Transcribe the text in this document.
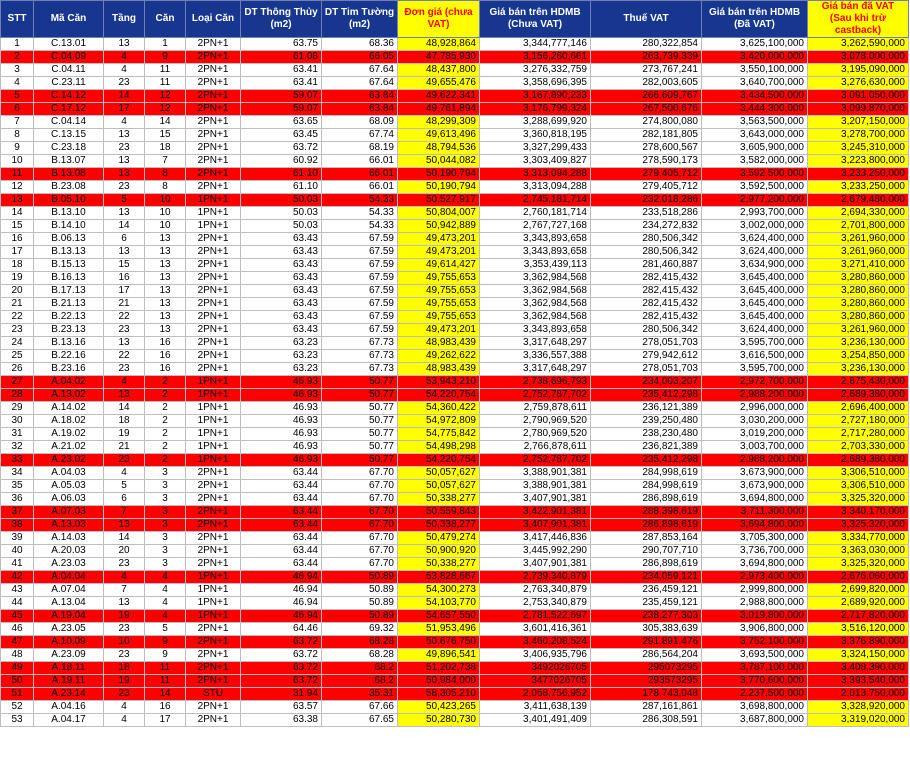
STT	Mã Căn	Tầng	Căn	Loại Căn	DT Thông Thủy (m2)	DT Tim Tường (m2)	Đơn giá (chưa VAT)	Giá bán trên HDMB (Chưa VAT)	Thuế VAT	Giá bán trên HDMB (Đã VAT)	Giá bán đã VAT (Sau khi trừ castback)
1	C.13.01	13	1	2PN+1	63.75	68.36	48,928,864	3,344,777,146	280,322,854	3,625,100,000	3,262,590,000
2	C.04.09	4	9	2PN+1	61.08	66.05	47,785,930	3,156,260,661	263,739,339	3,420,000,000	3,078,000,000
3	C.04.11	4	11	2PN+1	63.41	67.64	48,437,800	3,276,332,759	273,767,241	3,550,100,000	3,195,090,000
4	C.23.11	23	11	2PN+1	63.41	67.64	49,655,476	3,358,696,395	282,003,605	3,640,700,000	3,276,630,000
5	C.14.12	14	12	2PN+1	59.07	63.84	49,622,341	3,167,890,233	266,609,767	3,434,500,000	3,091,050,000
6	C.17.12	17	12	2PN+1	59.07	63.84	49,761,894	3,176,799,324	267,500,676	3,444,300,000	3,099,870,000
7	C.04.14	4	14	2PN+1	63.65	68.09	48,299,309	3,288,699,920	274,800,080	3,563,500,000	3,207,150,000
8	C.13.15	13	15	2PN+1	63.45	67.74	49,613,496	3,360,818,195	282,181,805	3,643,000,000	3,278,700,000
9	C.23.18	23	18	2PN+1	63.72	68.19	48,794,536	3,327,299,433	278,600,567	3,605,900,000	3,245,310,000
10	B.13.07	13	7	2PN+1	60.92	66.01	50,044,082	3,303,409,827	278,590,173	3,582,000,000	3,223,800,000
11	B.13.08	13	8	2PN+1	61.10	66.01	50,190,794	3,313,094,288	279,405,712	3,592,500,000	3,233,250,000
12	B.23.08	23	8	2PN+1	61.10	66.01	50,190,794	3,313,094,288	279,405,712	3,592,500,000	3,233,250,000
13	B.05.10	5	10	1PN+1	50.03	54.33	50,527,917	2,745,181,714	232,018,286	2,977,200,000	2,679,480,000
14	B.13.10	13	10	1PN+1	50.03	54.33	50,804,007	2,760,181,714	233,518,286	2,993,700,000	2,694,330,000
15	B.14.10	14	10	1PN+1	50.03	54.33	50,942,889	2,767,727,168	234,272,832	3,002,000,000	2,701,800,000
16	B.06.13	6	13	2PN+1	63.43	67.59	49,473,201	3,343,893,658	280,506,342	3,624,400,000	3,261,960,000
17	B.13.13	13	13	2PN+1	63.43	67.59	49,473,201	3,343,893,658	280,506,342	3,624,400,000	3,261,960,000
18	B.15.13	15	13	2PN+1	63.43	67.59	49,614,427	3,353,439,113	281,460,887	3,634,900,000	3,271,410,000
19	B.16.13	16	13	2PN+1	63.43	67.59	49,755,653	3,362,984,568	282,415,432	3,645,400,000	3,280,860,000
20	B.17.13	17	13	2PN+1	63.43	67.59	49,755,653	3,362,984,568	282,415,432	3,645,400,000	3,280,860,000
21	B.21.13	21	13	2PN+1	63.43	67.59	49,755,653	3,362,984,568	282,415,432	3,645,400,000	3,280,860,000
22	B.22.13	22	13	2PN+1	63.43	67.59	49,755,653	3,362,984,568	282,415,432	3,645,400,000	3,280,860,000
23	B.23.13	23	13	2PN+1	63.43	67.59	49,473,201	3,343,893,658	280,506,342	3,624,400,000	3,261,960,000
24	B.13.16	13	16	2PN+1	63.23	67.73	48,983,439	3,317,648,297	278,051,703	3,595,700,000	3,236,130,000
25	B.22.16	22	16	2PN+1	63.23	67.73	49,262,622	3,336,557,388	279,942,612	3,616,500,000	3,254,850,000
26	B.23.16	23	16	2PN+1	63.23	67.73	48,983,439	3,317,648,297	278,051,703	3,595,700,000	3,236,130,000
27	A.04.02	4	2	1PN+1	46.93	50.77	53,943,210	2,738,696,793	234,003,207	2,972,700,000	2,675,430,000
28	A.13.02	13	2	1PN+1	46.93	50.77	54,220,754	2,752,787,702	235,412,298	2,988,200,000	2,689,380,000
29	A.14.02	14	2	1PN+1	46.93	50.77	54,360,422	2,759,878,611	236,121,389	2,996,000,000	2,696,400,000
30	A.18.02	18	2	1PN+1	46.93	50.77	54,972,809	2,790,969,520	239,250,480	3,030,200,000	2,727,180,000
31	A.19.02	19	2	1PN+1	46.93	50.77	54,775,842	2,780,969,520	238,230,480	3,019,200,000	2,717,280,000
32	A.21.02	21	2	1PN+1	46.93	50.77	54,498,298	2,766,878,611	236,821,389	3,003,700,000	2,703,330,000
33	A.23.02	23	2	1PN+1	46.93	50.77	54,220,754	2,752,787,702	235,412,298	2,988,200,000	2,689,380,000
34	A.04.03	4	3	2PN+1	63.44	67.70	50,057,627	3,388,901,381	284,998,619	3,673,900,000	3,306,510,000
35	A.05.03	5	3	2PN+1	63.44	67.70	50,057,627	3,388,901,381	284,998,619	3,673,900,000	3,306,510,000
36	A.06.03	6	3	2PN+1	63.44	67.70	50,338,277	3,407,901,381	286,898,619	3,694,800,000	3,325,320,000
37	A.07.03	7	3	2PN+1	63.44	67.70	50,559,843	3,422,901,381	288,398,619	3,711,300,000	3,340,170,000
38	A.13.03	13	3	2PN+1	63.44	67.70	50,338,277	3,407,901,381	286,898,619	3,694,800,000	3,325,320,000
39	A.14.03	14	3	2PN+1	63.44	67.70	50,479,274	3,417,446,836	287,853,164	3,705,300,000	3,334,770,000
40	A.20.03	20	3	2PN+1	63.44	67.70	50,900,920	3,445,992,290	290,707,710	3,736,700,000	3,363,030,000
41	A.23.03	23	3	2PN+1	63.44	67.70	50,338,277	3,407,901,381	286,898,619	3,694,800,000	3,325,320,000
42	A.04.04	4	4	1PN+1	46.94	50.89	53,828,667	2,739,340,879	234,059,121	2,973,400,000	2,676,060,000
43	A.07.04	7	4	1PN+1	46.94	50.89	54,300,273	2,763,340,879	236,459,121	2,999,800,000	2,699,820,000
44	A.13.04	13	4	1PN+1	46.94	50.89	54,103,770	2,753,340,879	235,459,121	2,988,800,000	2,689,920,000
45	A.19.04	19	4	1PN+1	46.94	50.89	54,657,550	2,781,522,697	238,277,303	3,019,800,000	2,717,820,000
46	A.23.05	23	5	2PN+1	64.46	69.32	51,953,496	3,601,416,361	305,383,639	3,906,800,000	3,516,120,000
47	A.10.09	10	9	2PN+1	63.72	68.28	50,676,750	3,460,208,524	291,891,476	3,752,100,000	3,376,890,000
48	A.23.09	23	9	2PN+1	63.72	68.28	49,896,541	3,406,935,796	286,564,204	3,693,500,000	3,324,150,000
49	A.18.11	18	11	2PN+1	63.72	68.2	51,202,738	3492026705	295073295	3,787,100,000	3,408,390,000
50	A.19.11	19	11	2PN+1	63.72	68.2	50,984,000	3477026705	293573295	3,770,600,000	3,393,540,000
51	A.23.14	23	14	STU	31.94	35.31	58,305,210	2,058,756,952	178,743,048	2,237,500,000	2,013,750,000
52	A.04.16	4	16	2PN+1	63.57	67.66	50,423,265	3,411,638,139	287,161,861	3,698,800,000	3,328,920,000
53	A.04.17	4	17	2PN+1	63.38	67.65	50,280,730	3,401,491,409	286,308,591	3,687,800,000	3,319,020,000
